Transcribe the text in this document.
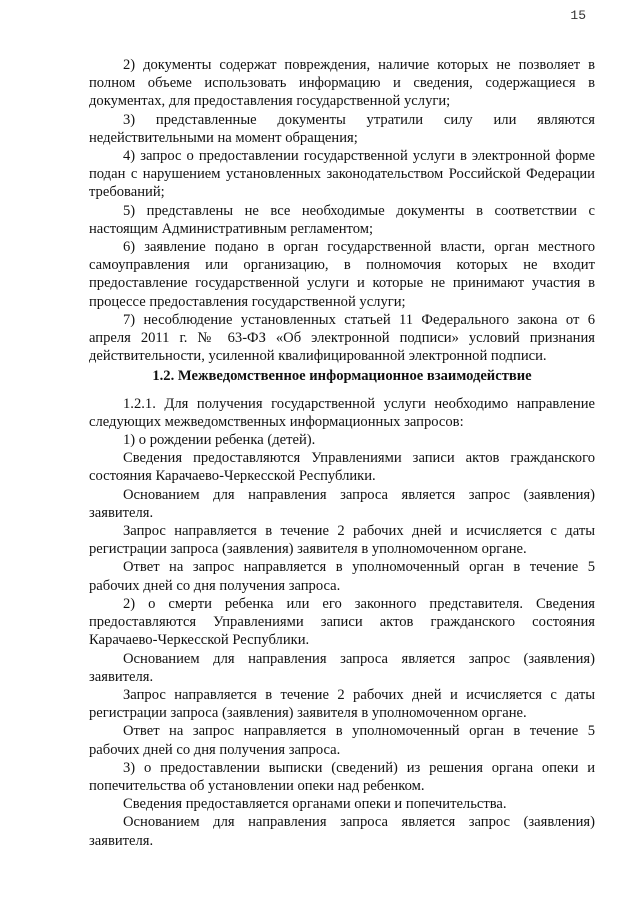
15

2) документы содержат повреждения, наличие которых не позволяет в полном объеме использовать информацию и сведения, содержащиеся в документах, для предоставления государственной услуги;

3) представленные документы утратили силу или являются недействительными на момент обращения;

4) запрос о предоставлении государственной услуги в электронной форме подан с нарушением установленных законодательством Российской Федерации требований;

5) представлены не все необходимые документы в соответствии с настоящим Административным регламентом;

6) заявление подано в орган государственной власти, орган местного самоуправления или организацию, в полномочия которых не входит предоставление государственной услуги и которые не принимают участия в процессе предоставления государственной услуги;

7) несоблюдение установленных статьей 11 Федерального закона от 6 апреля 2011 г. № 63-ФЗ «Об электронной подписи» условий признания действительности, усиленной квалифицированной электронной подписи.

1.2. Межведомственное информационное взаимодействие

1.2.1. Для получения государственной услуги необходимо направление следующих межведомственных информационных запросов:

1) о рождении ребенка (детей).

Сведения предоставляются Управлениями записи актов гражданского состояния Карачаево-Черкесской Республики.

Основанием для направления запроса является запрос (заявления) заявителя.

Запрос направляется в течение 2 рабочих дней и исчисляется с даты регистрации запроса (заявления) заявителя в уполномоченном органе.

Ответ на запрос направляется в уполномоченный орган в течение 5 рабочих дней со дня получения запроса.

2) о смерти ребенка или его законного представителя. Сведения предоставляются Управлениями записи актов гражданского состояния Карачаево-Черкесской Республики.

Основанием для направления запроса является запрос (заявления) заявителя.

Запрос направляется в течение 2 рабочих дней и исчисляется с даты регистрации запроса (заявления) заявителя в уполномоченном органе.

Ответ на запрос направляется в уполномоченный орган в течение 5 рабочих дней со дня получения запроса.

3) о предоставлении выписки (сведений) из решения органа опеки и попечительства об установлении опеки над ребенком.

Сведения предоставляется органами опеки и попечительства.

Основанием для направления запроса является запрос (заявления) заявителя.
